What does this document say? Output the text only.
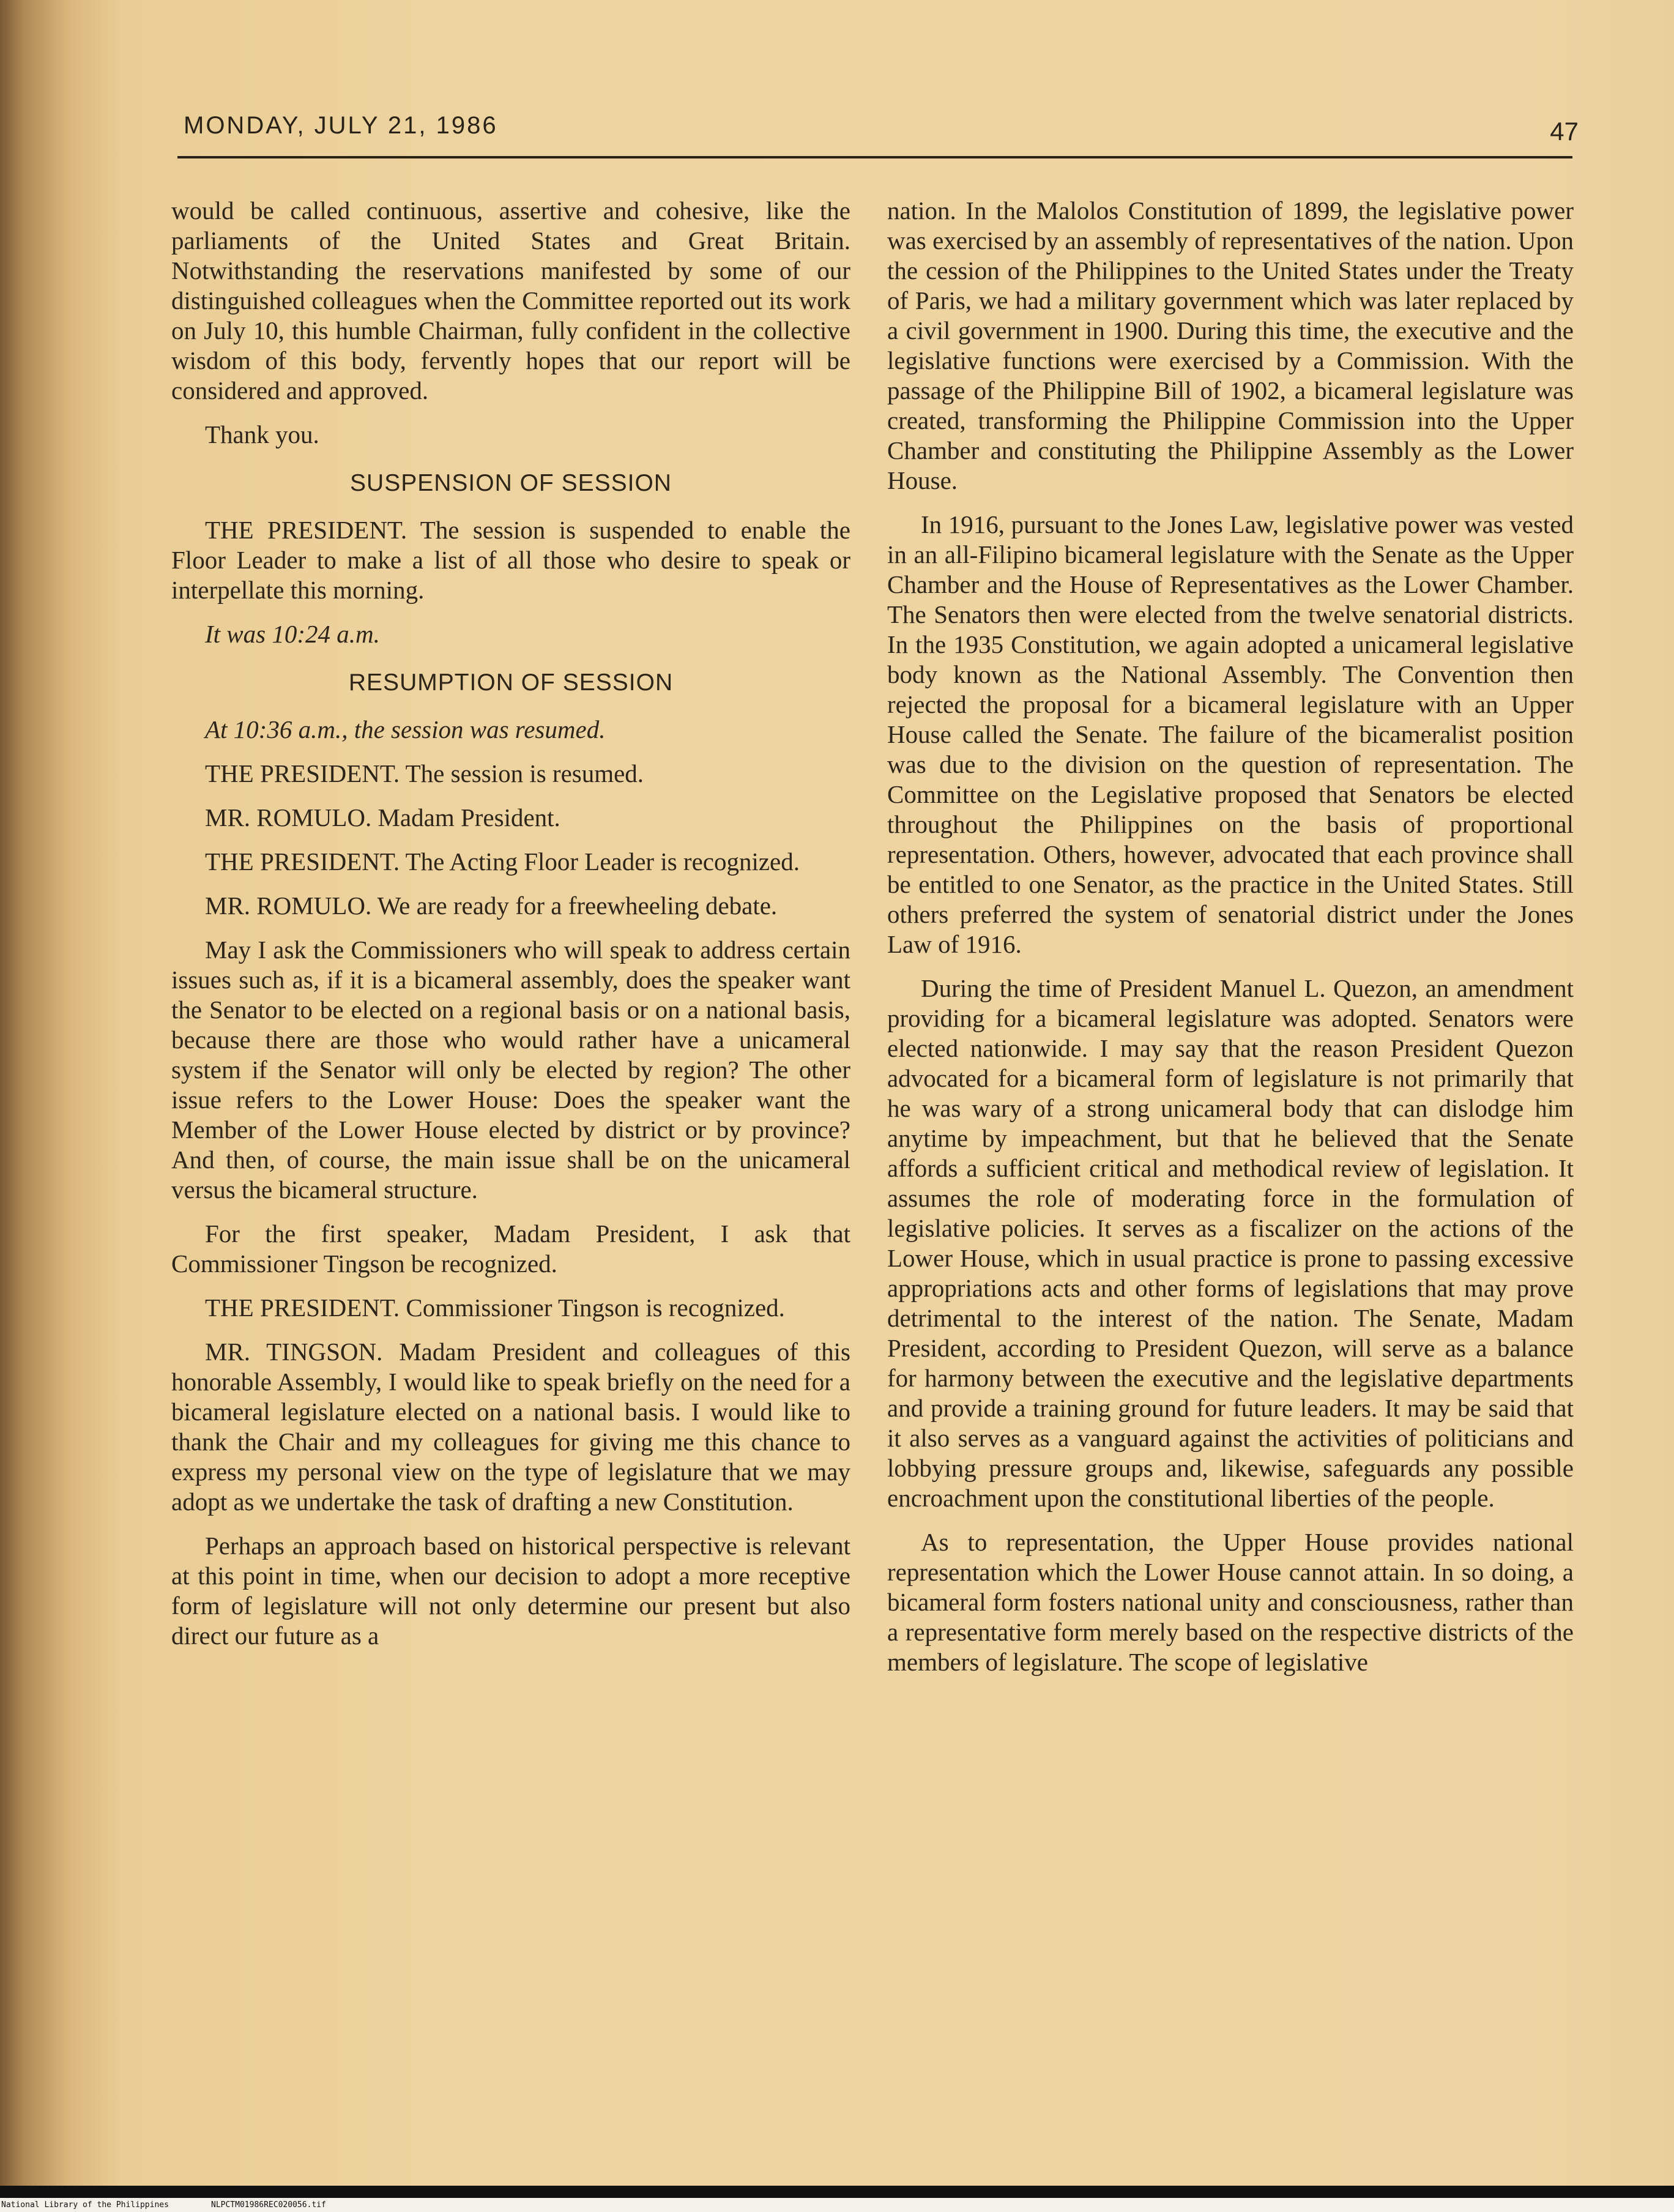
MONDAY, JULY 21, 1986	47
would be called continuous, assertive and cohesive, like the parliaments of the United States and Great Britain. Notwithstanding the reservations manifested by some of our distinguished colleagues when the Committee reported out its work on July 10, this humble Chairman, fully confident in the collective wisdom of this body, fervently hopes that our report will be considered and approved.
Thank you.
SUSPENSION OF SESSION
THE PRESIDENT. The session is suspended to enable the Floor Leader to make a list of all those who desire to speak or interpellate this morning.
It was 10:24 a.m.
RESUMPTION OF SESSION
At 10:36 a.m., the session was resumed.
THE PRESIDENT. The session is resumed.
MR. ROMULO. Madam President.
THE PRESIDENT. The Acting Floor Leader is recognized.
MR. ROMULO. We are ready for a freewheeling debate.
May I ask the Commissioners who will speak to address certain issues such as, if it is a bicameral assembly, does the speaker want the Senator to be elected on a regional basis or on a national basis, because there are those who would rather have a unicameral system if the Senator will only be elected by region? The other issue refers to the Lower House: Does the speaker want the Member of the Lower House elected by district or by province? And then, of course, the main issue shall be on the unicameral versus the bicameral structure.
For the first speaker, Madam President, I ask that Commissioner Tingson be recognized.
THE PRESIDENT. Commissioner Tingson is recognized.
MR. TINGSON. Madam President and colleagues of this honorable Assembly, I would like to speak briefly on the need for a bicameral legislature elected on a national basis. I would like to thank the Chair and my colleagues for giving me this chance to express my personal view on the type of legislature that we may adopt as we undertake the task of drafting a new Constitution.
Perhaps an approach based on historical perspective is relevant at this point in time, when our decision to adopt a more receptive form of legislature will not only determine our present but also direct our future as a
nation. In the Malolos Constitution of 1899, the legislative power was exercised by an assembly of representatives of the nation. Upon the cession of the Philippines to the United States under the Treaty of Paris, we had a military government which was later replaced by a civil government in 1900. During this time, the executive and the legislative functions were exercised by a Commission. With the passage of the Philippine Bill of 1902, a bicameral legislature was created, transforming the Philippine Commission into the Upper Chamber and constituting the Philippine Assembly as the Lower House.
In 1916, pursuant to the Jones Law, legislative power was vested in an all-Filipino bicameral legislature with the Senate as the Upper Chamber and the House of Representatives as the Lower Chamber. The Senators then were elected from the twelve senatorial districts. In the 1935 Constitution, we again adopted a unicameral legislative body known as the National Assembly. The Convention then rejected the proposal for a bicameral legislature with an Upper House called the Senate. The failure of the bicameralist position was due to the division on the question of representation. The Committee on the Legislative proposed that Senators be elected throughout the Philippines on the basis of proportional representation. Others, however, advocated that each province shall be entitled to one Senator, as the practice in the United States. Still others preferred the system of senatorial district under the Jones Law of 1916.
During the time of President Manuel L. Quezon, an amendment providing for a bicameral legislature was adopted. Senators were elected nationwide. I may say that the reason President Quezon advocated for a bicameral form of legislature is not primarily that he was wary of a strong unicameral body that can dislodge him anytime by impeachment, but that he believed that the Senate affords a sufficient critical and methodical review of legislation. It assumes the role of moderating force in the formulation of legislative policies. It serves as a fiscalizer on the actions of the Lower House, which in usual practice is prone to passing excessive appropriations acts and other forms of legislations that may prove detrimental to the interest of the nation. The Senate, Madam President, according to President Quezon, will serve as a balance for harmony between the executive and the legislative departments and provide a training ground for future leaders. It may be said that it also serves as a vanguard against the activities of politicians and lobbying pressure groups and, likewise, safeguards any possible encroachment upon the constitutional liberties of the people.
As to representation, the Upper House provides national representation which the Lower House cannot attain. In so doing, a bicameral form fosters national unity and consciousness, rather than a representative form merely based on the respective districts of the members of legislature. The scope of legislative
National Library of the Philippines	NLPCTM01986REC020056.tif
